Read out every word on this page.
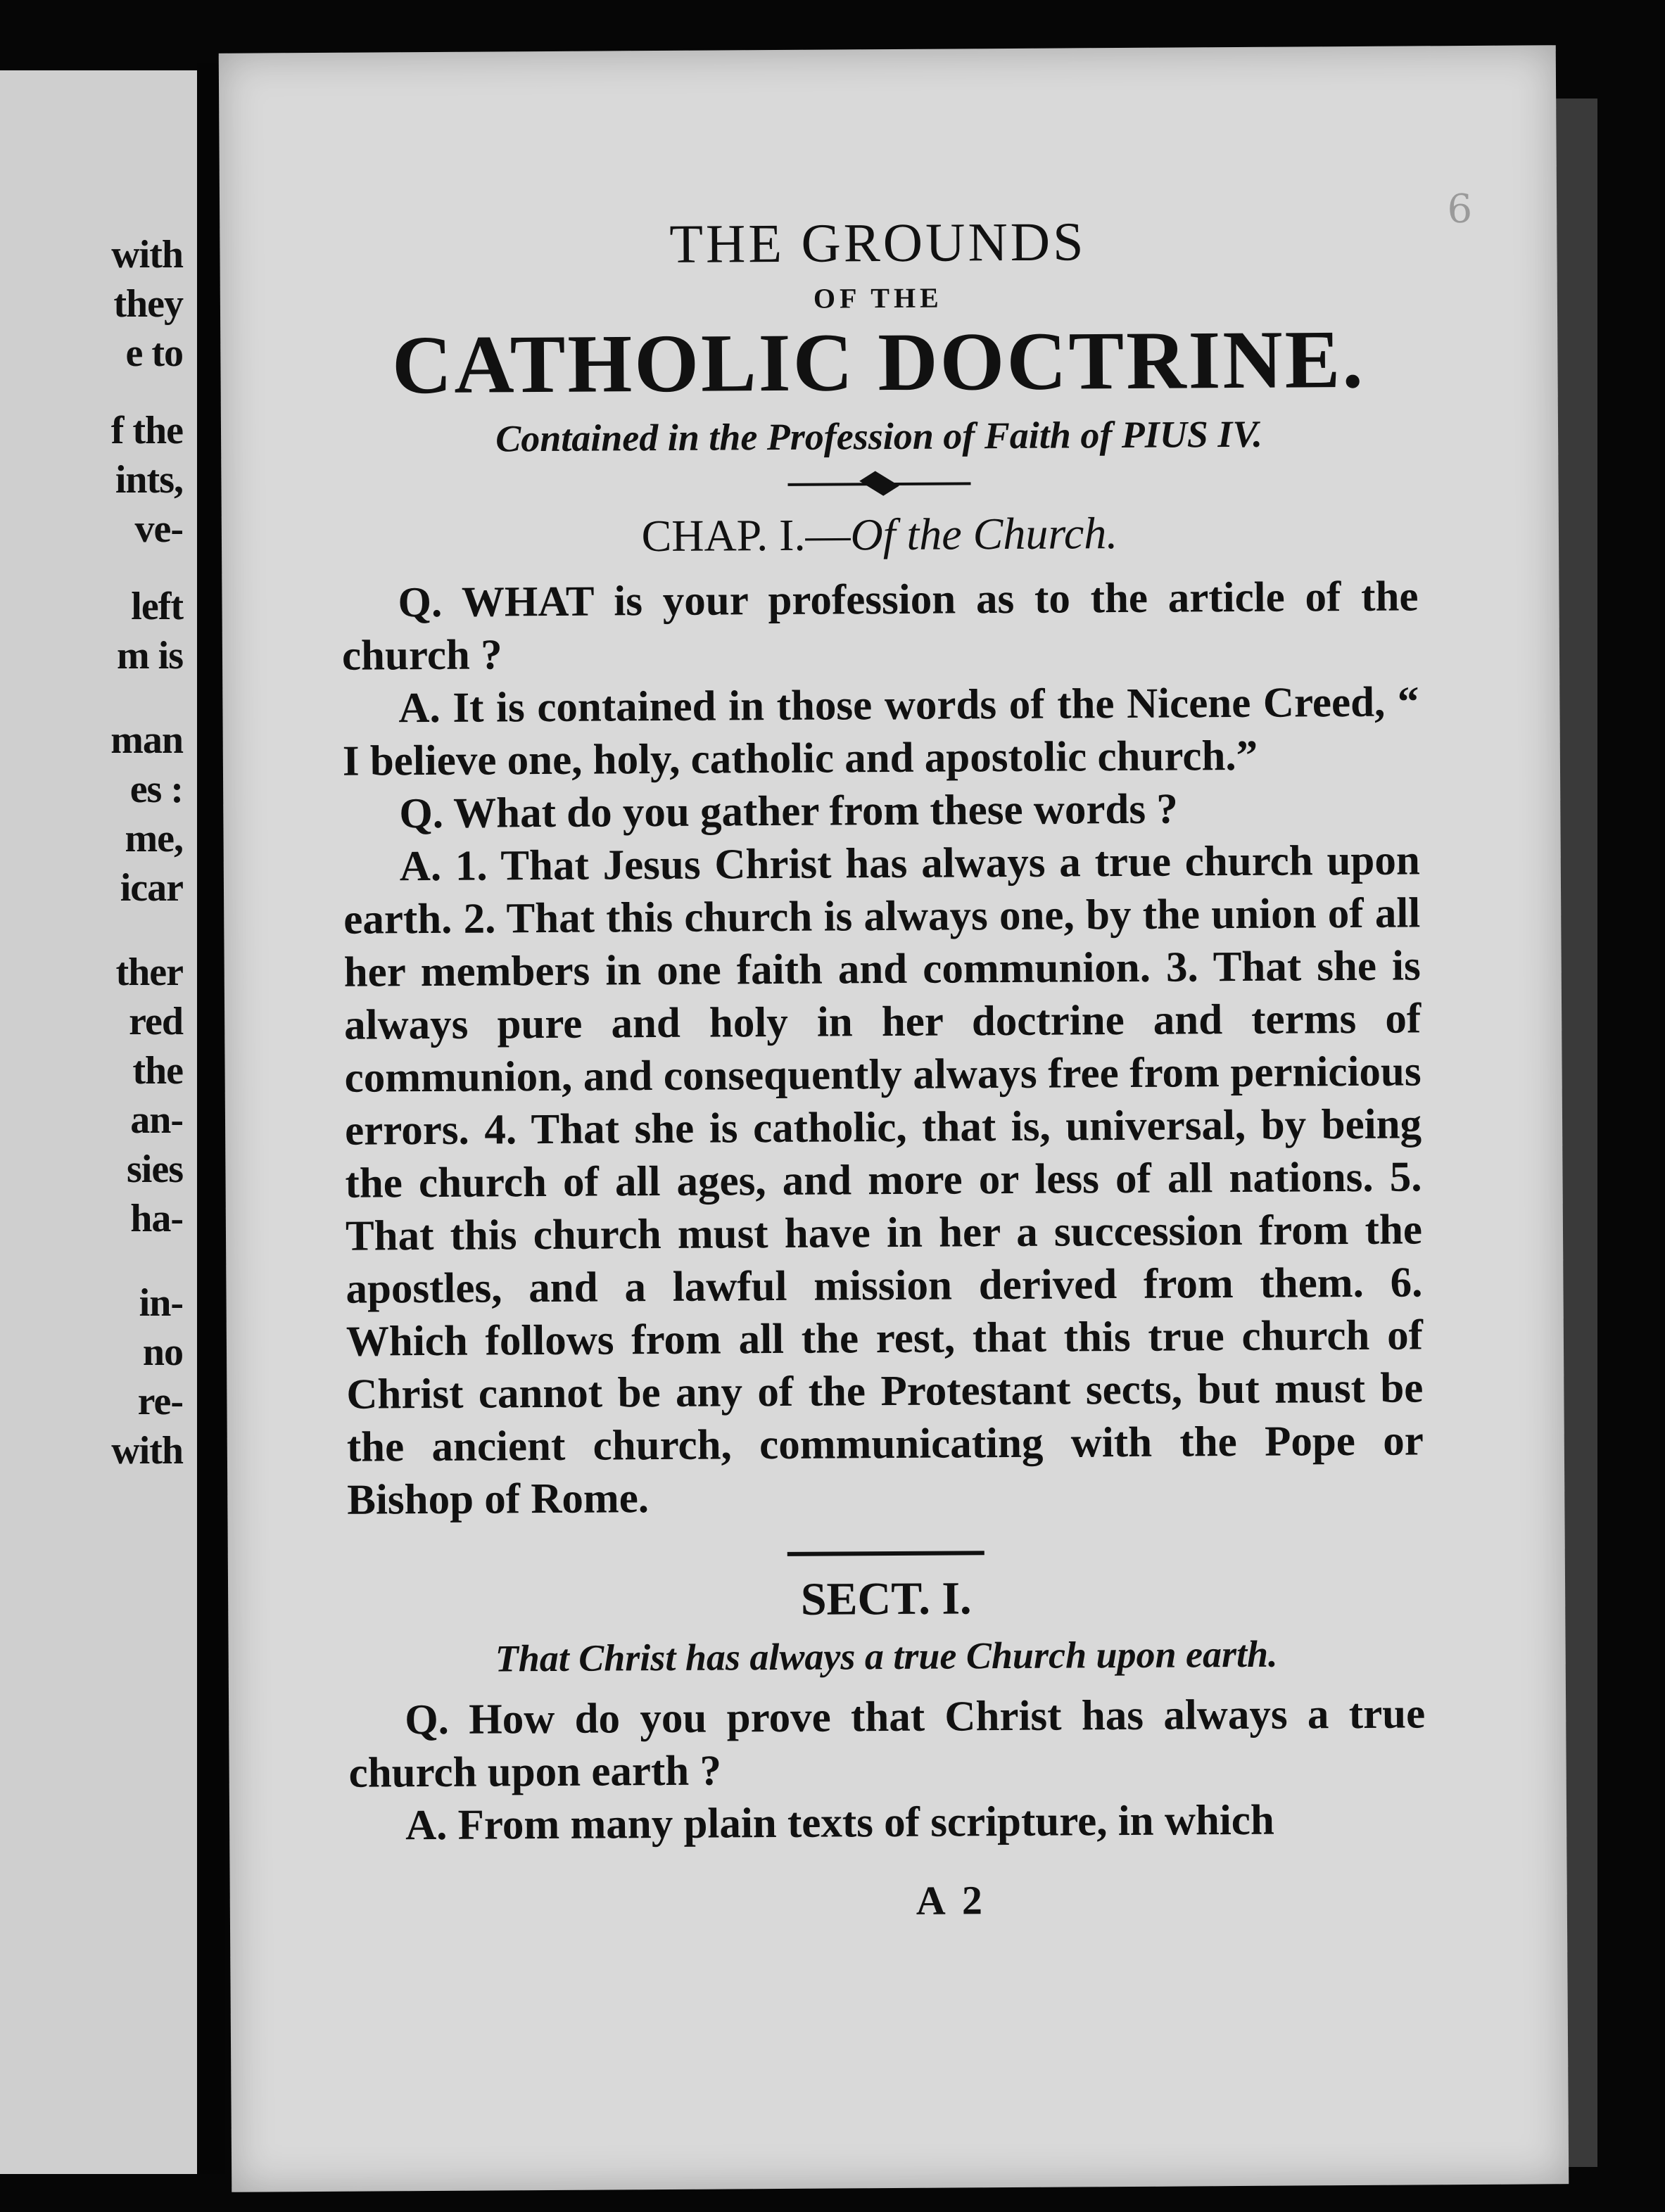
with
they
e to
f the
ints,
ve-
left
m is
man
es :
me,
icar
ther
red
the
an-
sies
ha-
in-
no
re-
with
6
THE GROUNDS
OF THE
CATHOLIC DOCTRINE.
Contained in the Profession of Faith of PIUS IV.
CHAP. I.—Of the Church.

Q. WHAT is your profession as to the article of the church ?

A. It is contained in those words of the Nicene Creed, “ I believe one, holy, catholic and apostolic church.”

Q. What do you gather from these words ?

A. 1. That Jesus Christ has always a true church upon earth. 2. That this church is always one, by the union of all her members in one faith and communion. 3. That she is always pure and holy in her doctrine and terms of communion, and consequently always free from pernicious errors. 4. That she is catholic, that is, universal, by being the church of all ages, and more or less of all nations. 5. That this church must have in her a succession from the apostles, and a lawful mission derived from them. 6. Which follows from all the rest, that this true church of Christ cannot be any of the Protestant sects, but must be the ancient church, communicating with the Pope or Bishop of Rome.

SECT. I.
That Christ has always a true Church upon earth.

Q. How do you prove that Christ has always a true church upon earth ?

A. From many plain texts of scripture, in which

A 2
